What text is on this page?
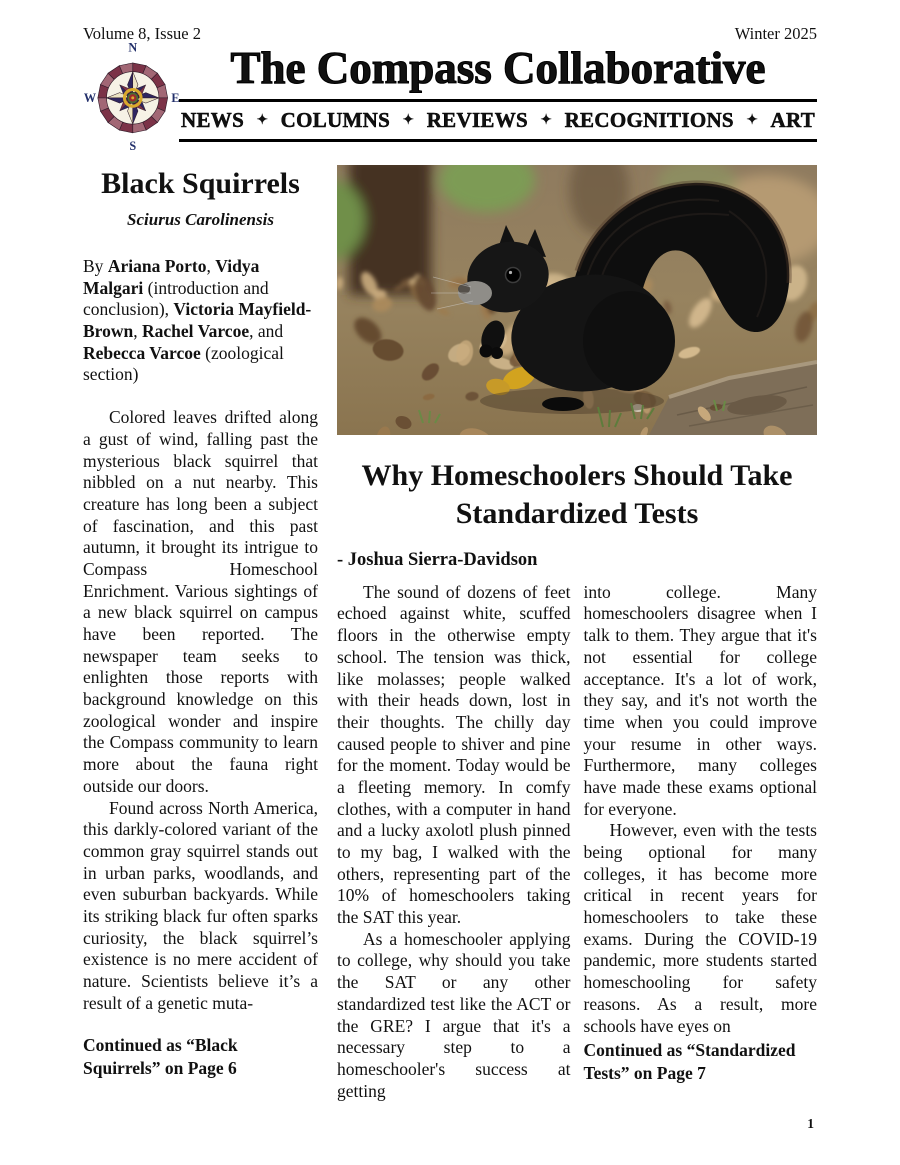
Volume 8, Issue 2	Winter 2025
N
E
S
W
The Compass Collaborative
NEWS ✦ COLUMNS ✦ REVIEWS ✦ RECOGNITIONS ✦ ART
Black Squirrels
Sciurus Carolinensis
By Ariana Porto, Vidya Malgari (introduction and conclusion), Victoria Mayfield-Brown, Rachel Varcoe, and Rebecca Varcoe (zoological section)

Colored leaves drifted along a gust of wind, falling past the mysterious black squirrel that nibbled on a nut nearby. This creature has long been a subject of fascination, and this past autumn, it brought its intrigue to Compass Homeschool Enrichment. Various sightings of a new black squirrel on campus have been reported. The newspaper team seeks to enlighten those reports with background knowledge on this zoological wonder and inspire the Compass community to learn more about the fauna right outside our doors.

Found across North America, this darkly-colored variant of the common gray squirrel stands out in urban parks, woodlands, and even suburban backyards. While its striking black fur often sparks curiosity, the black squirrel’s existence is no mere accident of nature. Scientists believe it’s a result of a genetic muta-

Continued as “Black Squirrels” on Page 6
Why Homeschoolers Should Take Standardized Tests
- Joshua Sierra-Davidson

The sound of dozens of feet echoed against white, scuffed floors in the otherwise empty school. The tension was thick, like molasses; people walked with their heads down, lost in their thoughts. The chilly day caused people to shiver and pine for the moment. Today would be a fleeting memory. In comfy clothes, with a computer in hand and a lucky axolotl plush pinned to my bag, I walked with the others, representing part of the 10% of homeschoolers taking the SAT this year.

As a homeschooler applying to college, why should you take the SAT or any other standardized test like the ACT or the GRE? I argue that it's a necessary step to a homeschooler's success at getting

into college. Many homeschoolers disagree when I talk to them. They argue that it's not essential for college acceptance. It's a lot of work, they say, and it's not worth the time when you could improve your resume in other ways. Furthermore, many colleges have made these exams optional for everyone.

However, even with the tests being optional for many colleges, it has become more critical in recent years for homeschoolers to take these exams. During the COVID-19 pandemic, more students started homeschooling for safety reasons. As a result, more schools have eyes on

Continued as “Standardized Tests” on Page 7
1
